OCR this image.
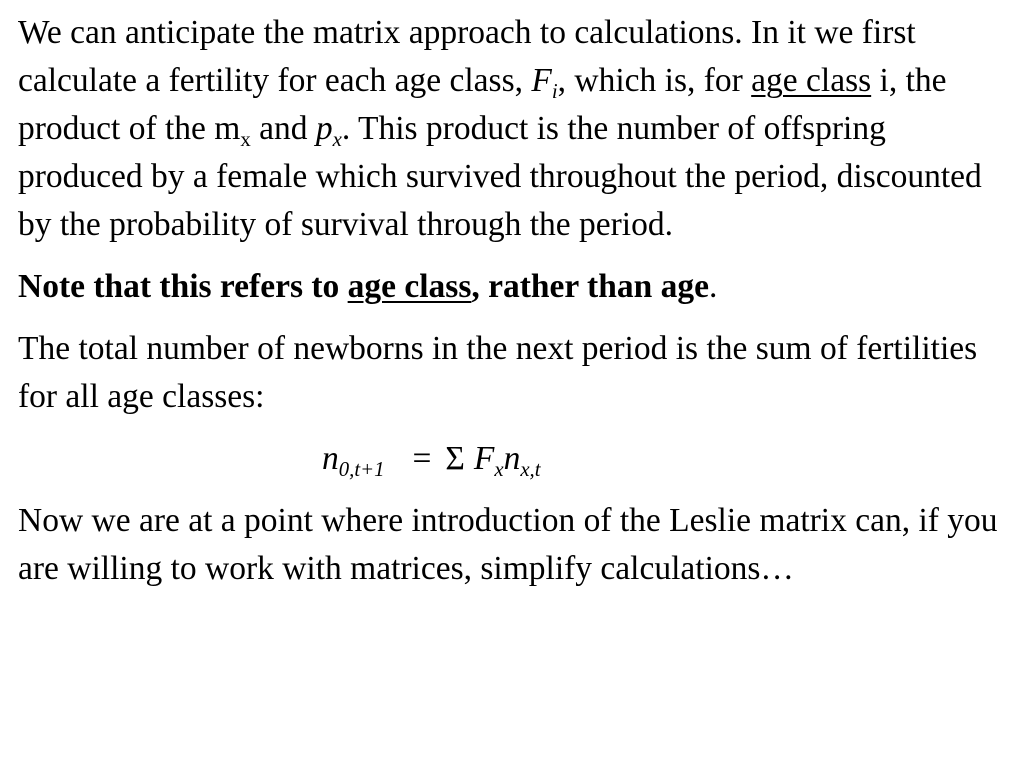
We can anticipate the matrix approach to calculations. In it we first calculate a fertility for each age class, $F_i$, which is, for age class i, the product of the $m_x$ and $p_x$. This product is the number of offspring produced by a female which survived throughout the period, discounted by the probability of survival through the period.

Note that this refers to age class, rather than age.

The total number of newborns in the next period is the sum of fertilities for all age classes:

$n_{0,t+1} = \Sigma$ $F_xn_{x,t}$

Now we are at a point where introduction of the Leslie matrix can, if you are willing to work with matrices, simplify calculations…
